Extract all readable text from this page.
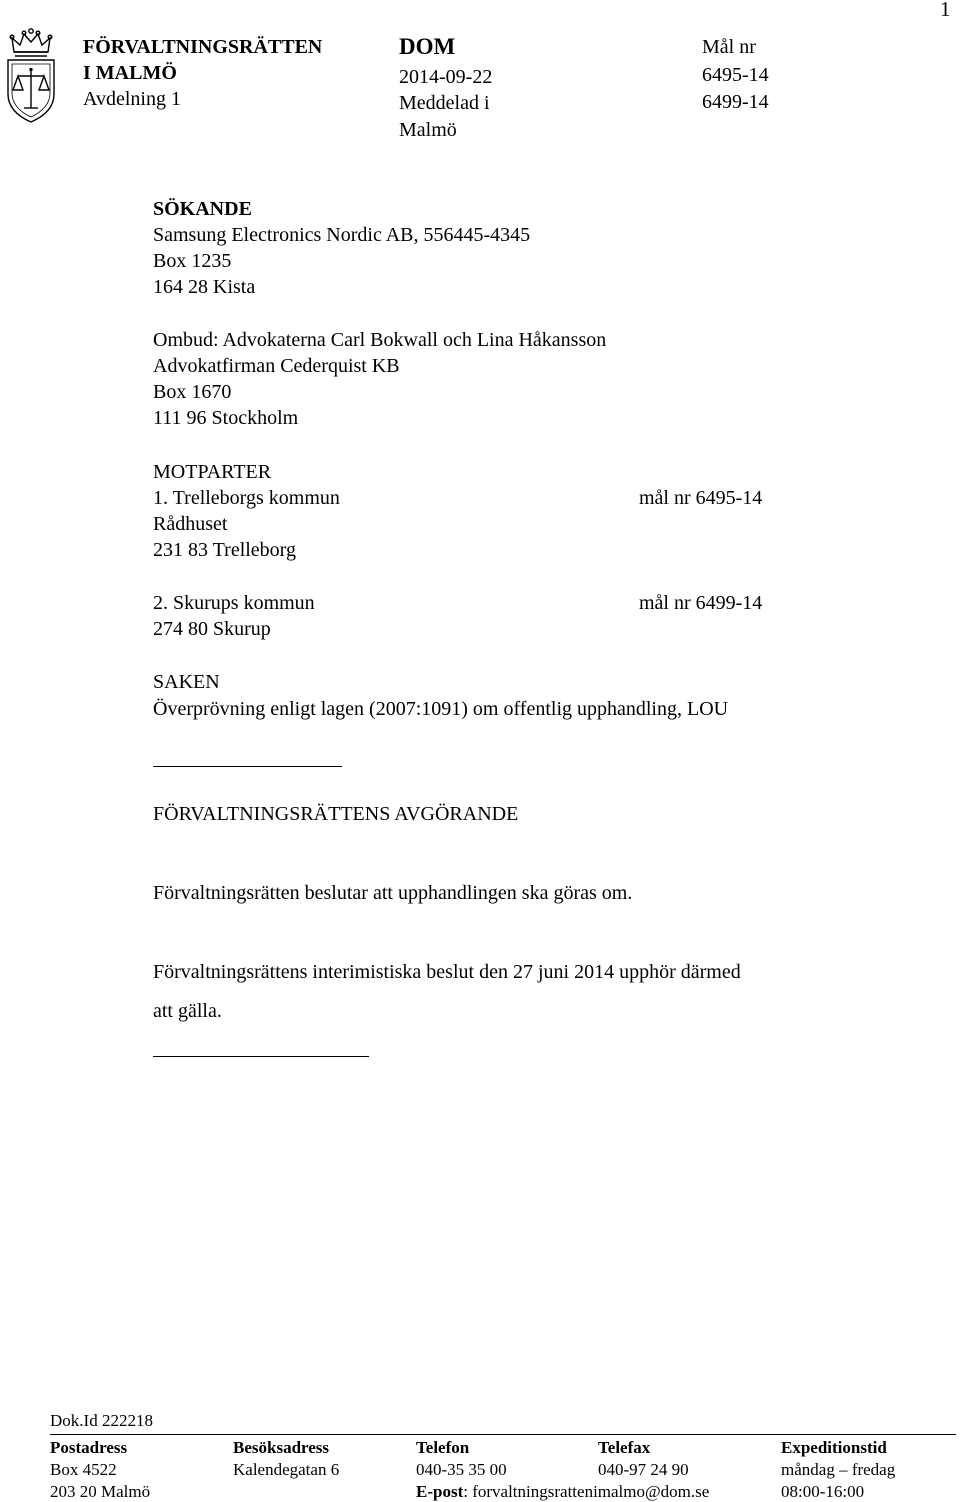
1
FÖRVALTNINGSRÄTTEN
I MALMÖ
Avdelning 1
DOM
2014-09-22
Meddelad i
Malmö
Mål nr
6495-14
6499-14
SÖKANDE
Samsung Electronics Nordic AB, 556445-4345
Box 1235
164 28 Kista
Ombud: Advokaterna Carl Bokwall och Lina Håkansson
Advokatfirman Cederquist KB
Box 1670
111 96 Stockholm
MOTPARTER
1. Trelleborgs kommun	mål nr 6495-14
Rådhuset
231 83 Trelleborg
2. Skurups kommun	mål nr 6499-14
274 80 Skurup
SAKEN
Överprövning enligt lagen (2007:1091) om offentlig upphandling, LOU
FÖRVALTNINGSRÄTTENS AVGÖRANDE
Förvaltningsrätten beslutar att upphandlingen ska göras om.
Förvaltningsrättens interimistiska beslut den 27 juni 2014 upphör därmed
att gälla.
Dok.Id 222218
Postadress
Box 4522
203 20 Malmö
Besöksadress
Kalendegatan 6
Telefon
040-35 35 00
E-post: forvaltningsrattenimalmo@dom.se
Telefax
040-97 24 90
Expeditionstid
måndag – fredag
08:00-16:00
